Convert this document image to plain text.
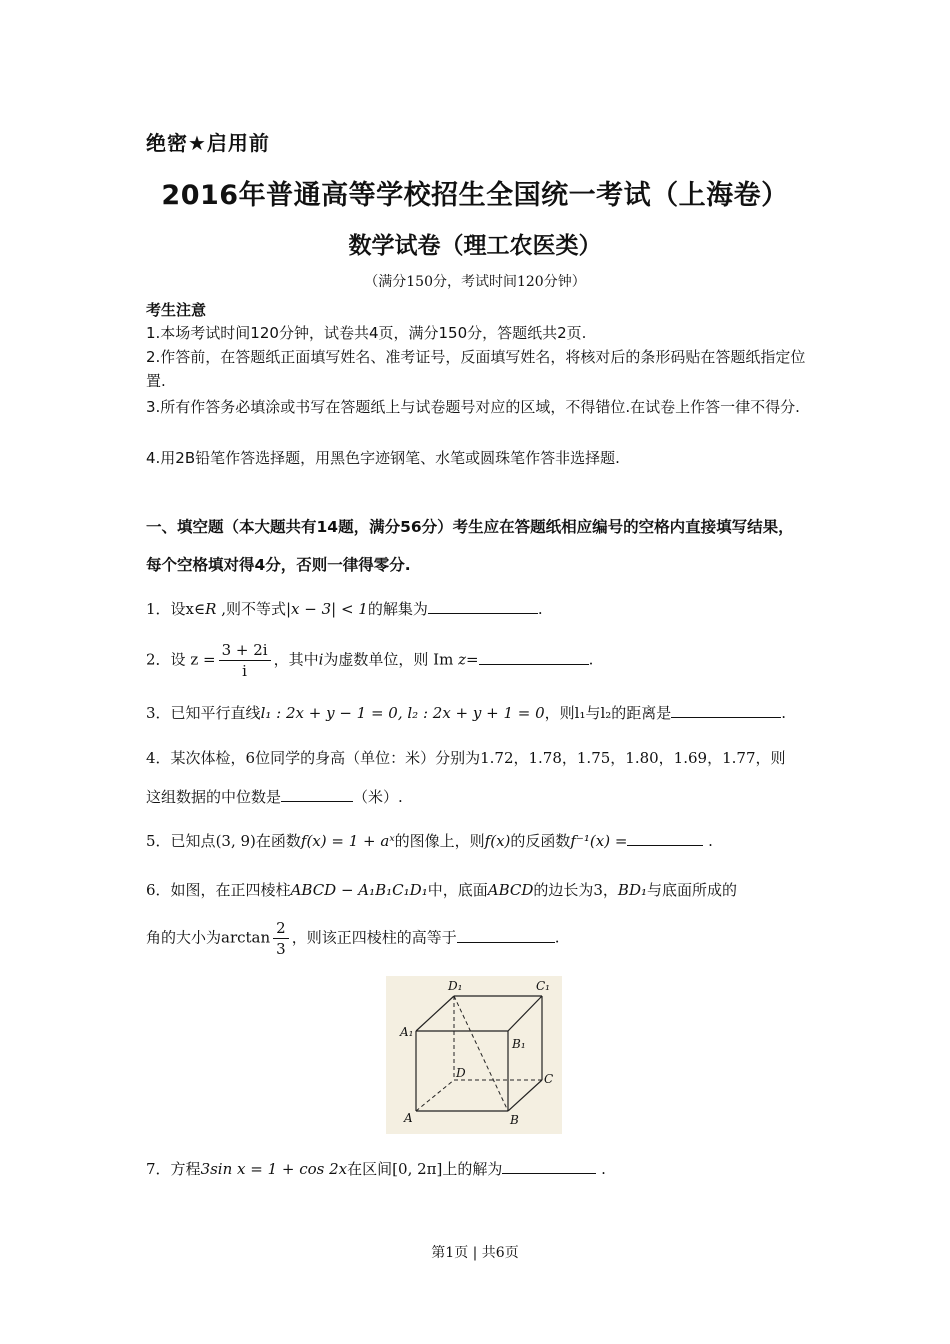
绝密★启用前
2016年普通高等学校招生全国统一考试（上海卷）
数学试卷（理工农医类）
（满分150分，考试时间120分钟）
考生注意
1.本场考试时间120分钟，试卷共4页，满分150分，答题纸共2页.
2.作答前，在答题纸正面填写姓名、准考证号，反面填写姓名，将核对后的条形码贴在答题纸指定位置.
3.所有作答务必填涂或书写在答题纸上与试卷题号对应的区域，不得错位.在试卷上作答一律不得分.
4.用2B铅笔作答选择题，用黑色字迹钢笔、水笔或圆珠笔作答非选择题.
一、填空题（本大题共有14题，满分56分）考生应在答题纸相应编号的空格内直接填写结果，每个空格填对得4分，否则一律得零分.
1．设x∈R ,则不等式|x − 3| < 1的解集为	.
2．设 $z = \frac{3 + 2i}{i}$ ，其中i为虚数单位，则 Im z=	.
3．已知平行直线l₁ : 2x + y − 1 = 0, l₂ : 2x + y + 1 = 0，则l₁与l₂的距离是	.
4．某次体检，6位同学的身高（单位：米）分别为1.72，1.78，1.75，1.80，1.69，1.77，则
这组数据的中位数是	（米）.
5．已知点(3, 9)在函数f(x) = 1 + aˣ的图像上，则f(x)的反函数f⁻¹(x) =	.
6．如图，在正四棱柱ABCD − A₁B₁C₁D₁中，底面ABCD的边长为3，BD₁与底面所成的
角的大小为$\arctan \frac{2}{3}$ ，则该正四棱柱的高等于	.
D₁	C₁
A₁
B₁
D	C
A	B
7．方程3sin x = 1 + cos 2x在区间[0, 2π]上的解为	.
第1页 | 共6页
